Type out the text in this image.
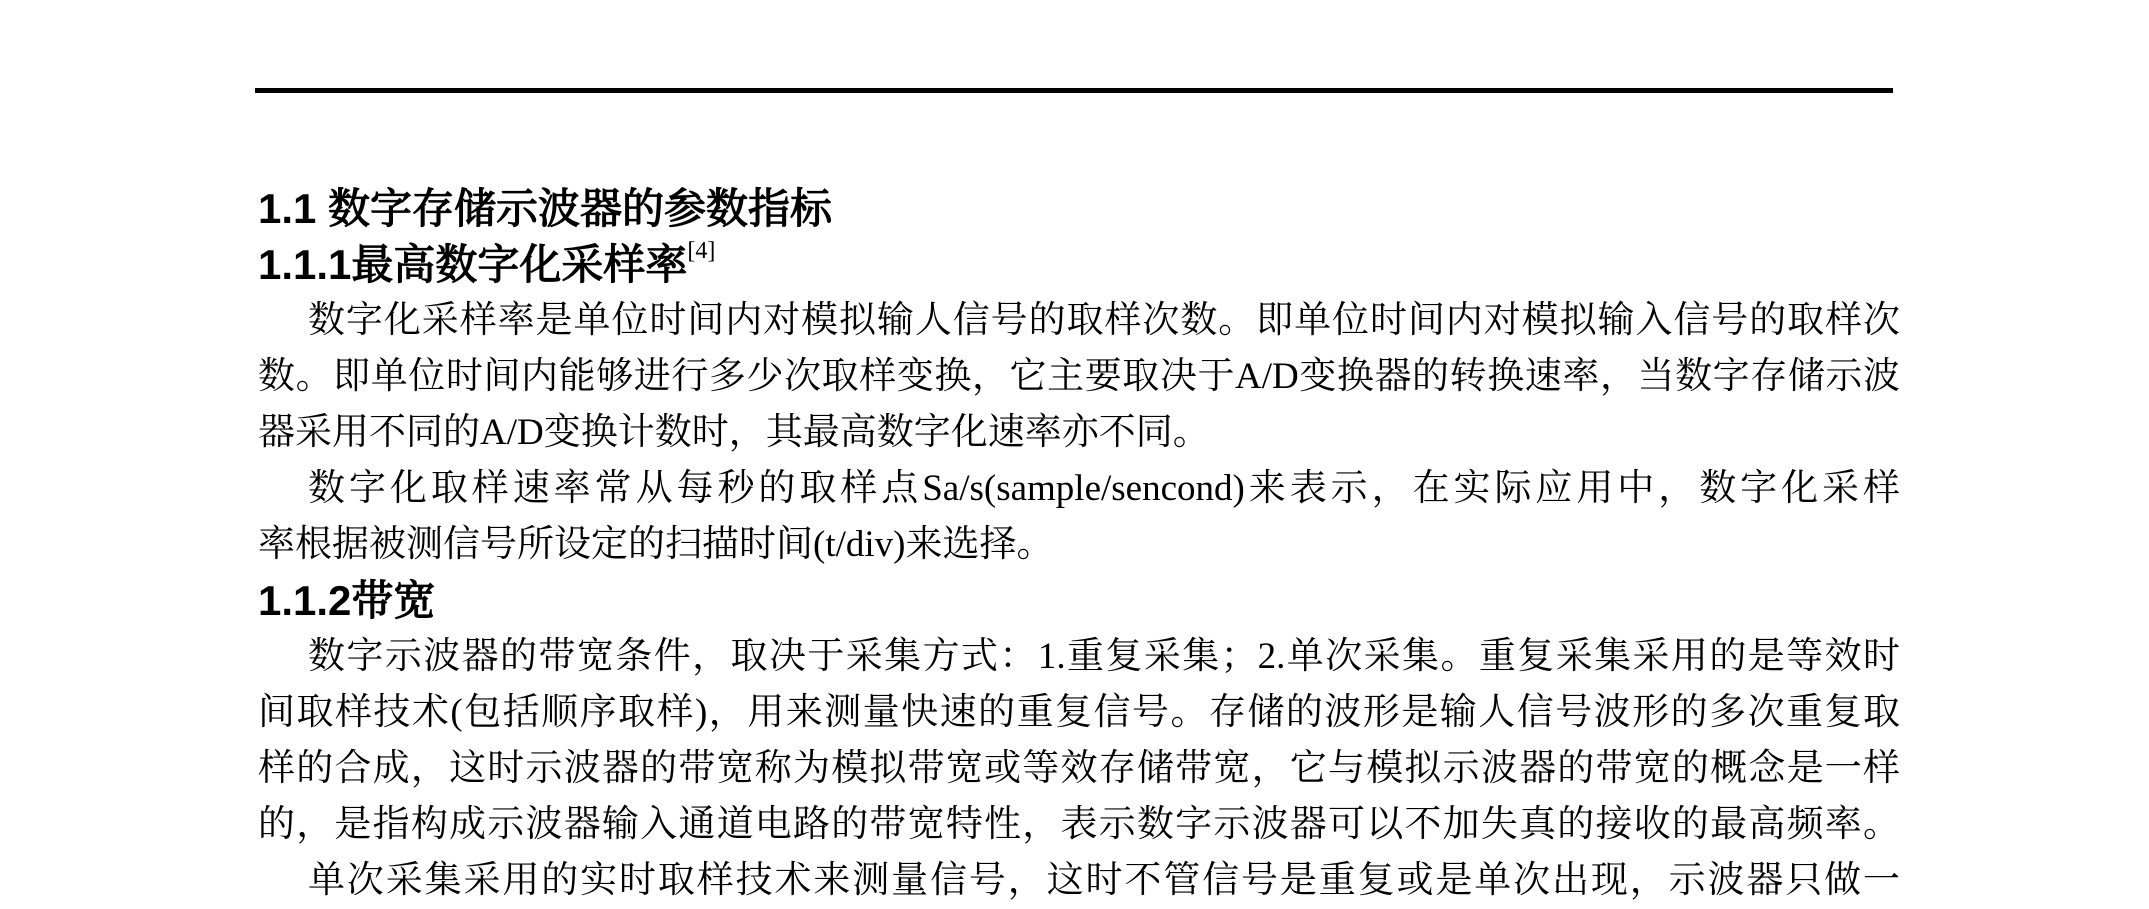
1.1 数字存储示波器的参数指标
1.1.1最高数字化采样率[4]
数字化采样率是单位时间内对模拟输人信号的取样次数。即单位时间内对模拟输入信号的取样次
数。即单位时间内能够进行多少次取样变换，它主要取决于A/D变换器的转换速率，当数字存储示波
器采用不同的A/D变换计数时，其最高数字化速率亦不同。
数字化取样速率常从每秒的取样点Sa/s(sample/sencond)来表示，在实际应用中，数字化采样
率根据被测信号所设定的扫描时间(t/div)来选择。
1.1.2带宽
数字示波器的带宽条件，取决于采集方式：1.重复采集；2.单次采集。重复采集采用的是等效时
间取样技术(包括顺序取样)，用来测量快速的重复信号。存储的波形是输人信号波形的多次重复取
样的合成，这时示波器的带宽称为模拟带宽或等效存储带宽，它与模拟示波器的带宽的概念是一样
的，是指构成示波器输入通道电路的带宽特性，表示数字示波器可以不加失真的接收的最高频率。
单次采集采用的实时取样技术来测量信号，这时不管信号是重复或是单次出现，示波器只做一
